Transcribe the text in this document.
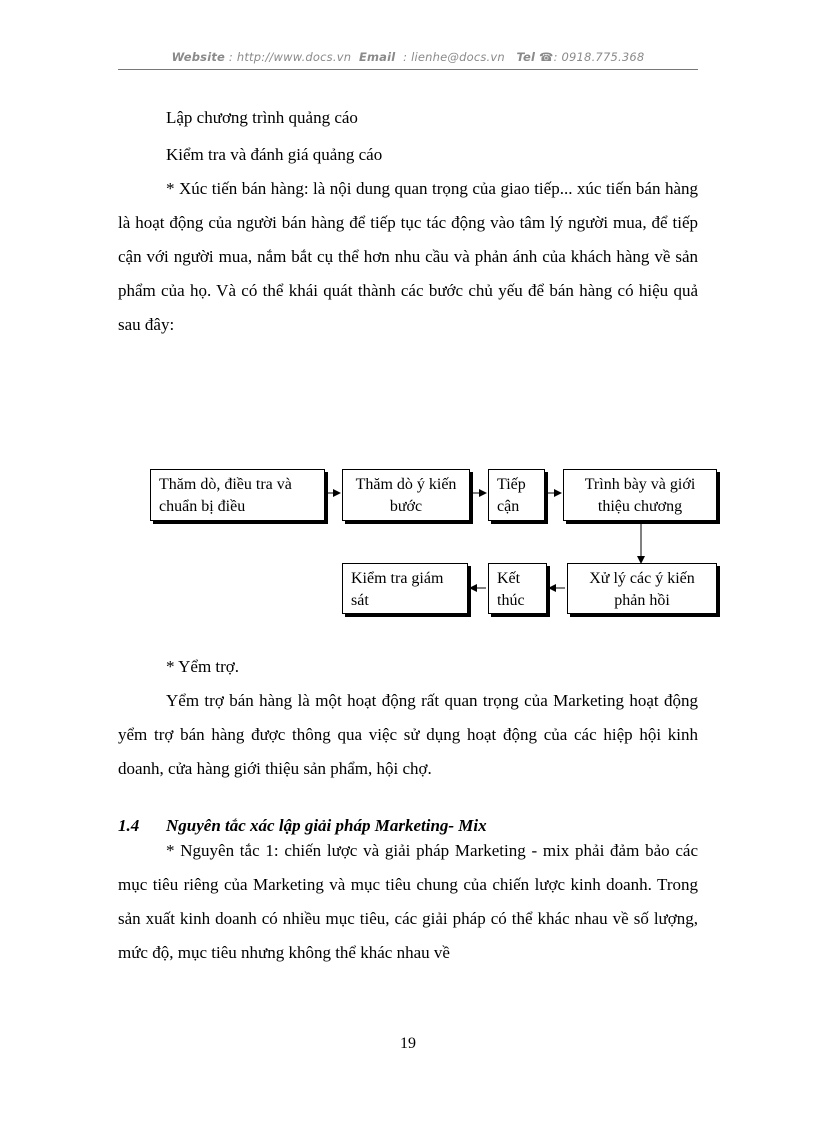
Website : http://www.docs.vn Email : lienhe@docs.vn Tel ☎: 0918.775.368
Lập chương trình quảng cáo
Kiểm tra và đánh giá quảng cáo

* Xúc tiến bán hàng: là nội dung quan trọng của giao tiếp... xúc tiến bán hàng là hoạt động của người bán hàng để tiếp tục tác động vào tâm lý người mua, để tiếp cận với người mua, nắm bắt cụ thể hơn nhu cầu và phản ánh của khách hàng về sản phẩm của họ. Và có thể khái quát thành các bước chủ yếu để bán hàng có hiệu quả sau đây:

Thăm dò, điều tra và chuẩn bị điều
Thăm dò ý kiến bước
Tiếp cận
Trình bày và giới thiệu chương
Xử lý các ý kiến phản hồi
Kết thúc
Kiểm tra giám sát
* Yểm trợ.

Yểm trợ bán hàng là một hoạt động rất quan trọng của Marketing hoạt động yểm trợ bán hàng được thông qua việc sử dụng hoạt động của các hiệp hội kinh doanh, cửa hàng giới thiệu sản phẩm, hội chợ.

1.4 Nguyên tắc xác lập giải pháp Marketing- Mix

* Nguyên tắc 1: chiến lược và giải pháp Marketing - mix phải đảm bảo các mục tiêu riêng của Marketing và mục tiêu chung của chiến lược kinh doanh. Trong sản xuất kinh doanh có nhiều mục tiêu, các giải pháp có thể khác nhau về số lượng, mức độ, mục tiêu nhưng không thể khác nhau về

19
